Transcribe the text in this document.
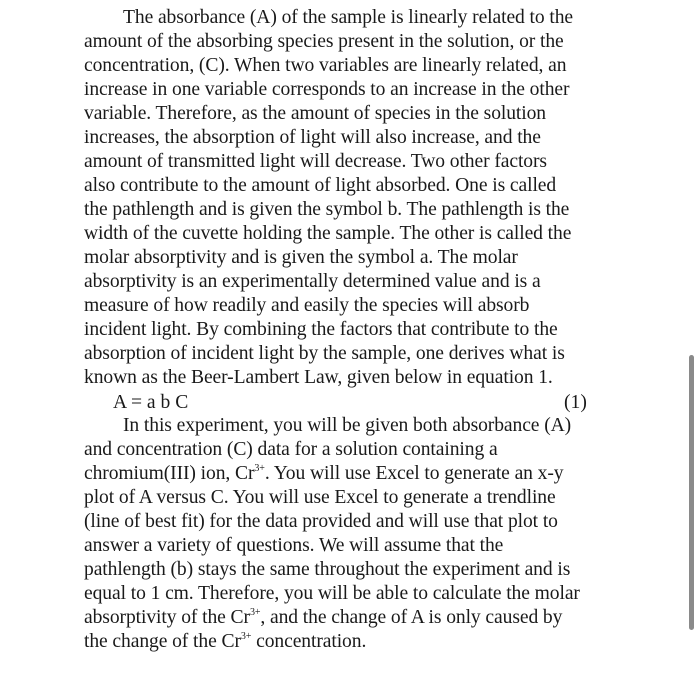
The absorbance (A) of the sample is linearly related to the
amount of the absorbing species present in the solution, or the
concentration, (C). When two variables are linearly related, an
increase in one variable corresponds to an increase in the other
variable. Therefore, as the amount of species in the solution
increases, the absorption of light will also increase, and the
amount of transmitted light will decrease. Two other factors
also contribute to the amount of light absorbed. One is called
the pathlength and is given the symbol b. The pathlength is the
width of the cuvette holding the sample. The other is called the
molar absorptivity and is given the symbol a. The molar
absorptivity is an experimentally determined value and is a
measure of how readily and easily the species will absorb
incident light. By combining the factors that contribute to the
absorption of incident light by the sample, one derives what is
known as the Beer-Lambert Law, given below in equation 1.
A = a b C	(1)
In this experiment, you will be given both absorbance (A)
and concentration (C) data for a solution containing a
chromium(III) ion, $Cr^{3+}$. You will use Excel to generate an x-y
plot of A versus C. You will use Excel to generate a trendline
(line of best fit) for the data provided and will use that plot to
answer a variety of questions. We will assume that the
pathlength (b) stays the same throughout the experiment and is
equal to 1 cm. Therefore, you will be able to calculate the molar
absorptivity of the $Cr^{3+}$, and the change of A is only caused by
the change of the $Cr^{3+}$ concentration.
